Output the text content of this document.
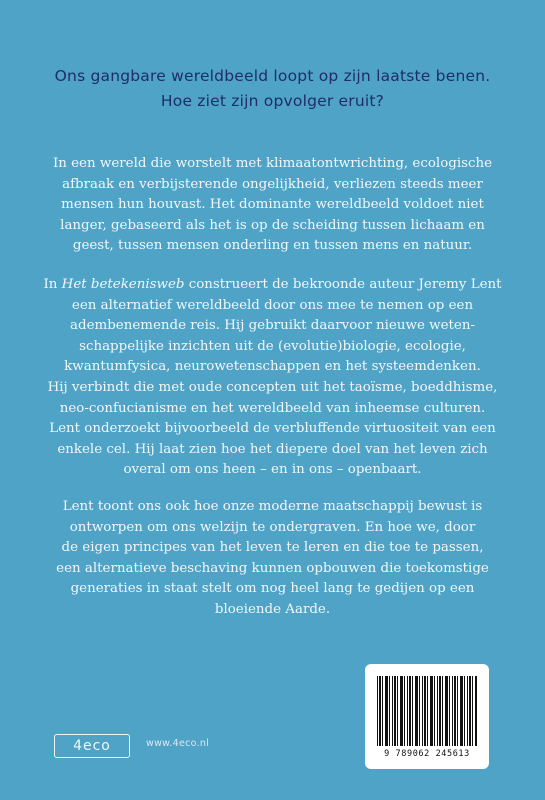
Ons gangbare wereldbeeld loopt op zijn laatste benen.
Hoe ziet zijn opvolger eruit?
In een wereld die worstelt met klimaatontwrichting, ecologische
afbraak en verbijsterende ongelijkheid, verliezen steeds meer
mensen hun houvast. Het dominante wereldbeeld voldoet niet
langer, gebaseerd als het is op de scheiding tussen lichaam en
geest, tussen mensen onderling en tussen mens en natuur.
In Het betekenisweb construeert de bekroonde auteur Jeremy Lent
een alternatief wereldbeeld door ons mee te nemen op een
adembenemende reis. Hij gebruikt daarvoor nieuwe weten-
schappelijke inzichten uit de (evolutie)biologie, ecologie,
kwantumfysica, neurowetenschappen en het systeemdenken.
Hij verbindt die met oude concepten uit het taoïsme, boeddhisme,
neo-confucianisme en het wereldbeeld van inheemse culturen.
Lent onderzoekt bijvoorbeeld de verbluffende virtuositeit van een
enkele cel. Hij laat zien hoe het diepere doel van het leven zich
overal om ons heen – en in ons – openbaart.
Lent toont ons ook hoe onze moderne maatschappij bewust is
ontworpen om ons welzijn te ondergraven. En hoe we, door
de eigen principes van het leven te leren en die toe te passen,
een alternatieve beschaving kunnen opbouwen die toekomstige
generaties in staat stelt om nog heel lang te gedijen op een
bloeiende Aarde.
4eco	www.4eco.nl
9 789062 245613
